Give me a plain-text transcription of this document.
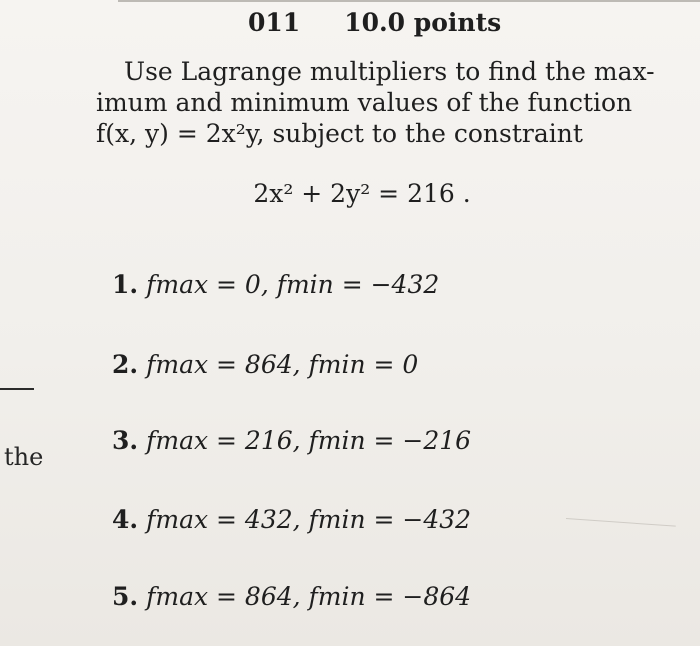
the
011 10.0 points
Use Lagrange multipliers to find the max-
imum and minimum values of the function
f(x, y) = 2x²y, subject to the constraint
2x² + 2y² = 216 .
1. fmax = 0, fmin = −432
2. fmax = 864, fmin = 0
3. fmax = 216, fmin = −216
4. fmax = 432, fmin = −432
5. fmax = 864, fmin = −864
